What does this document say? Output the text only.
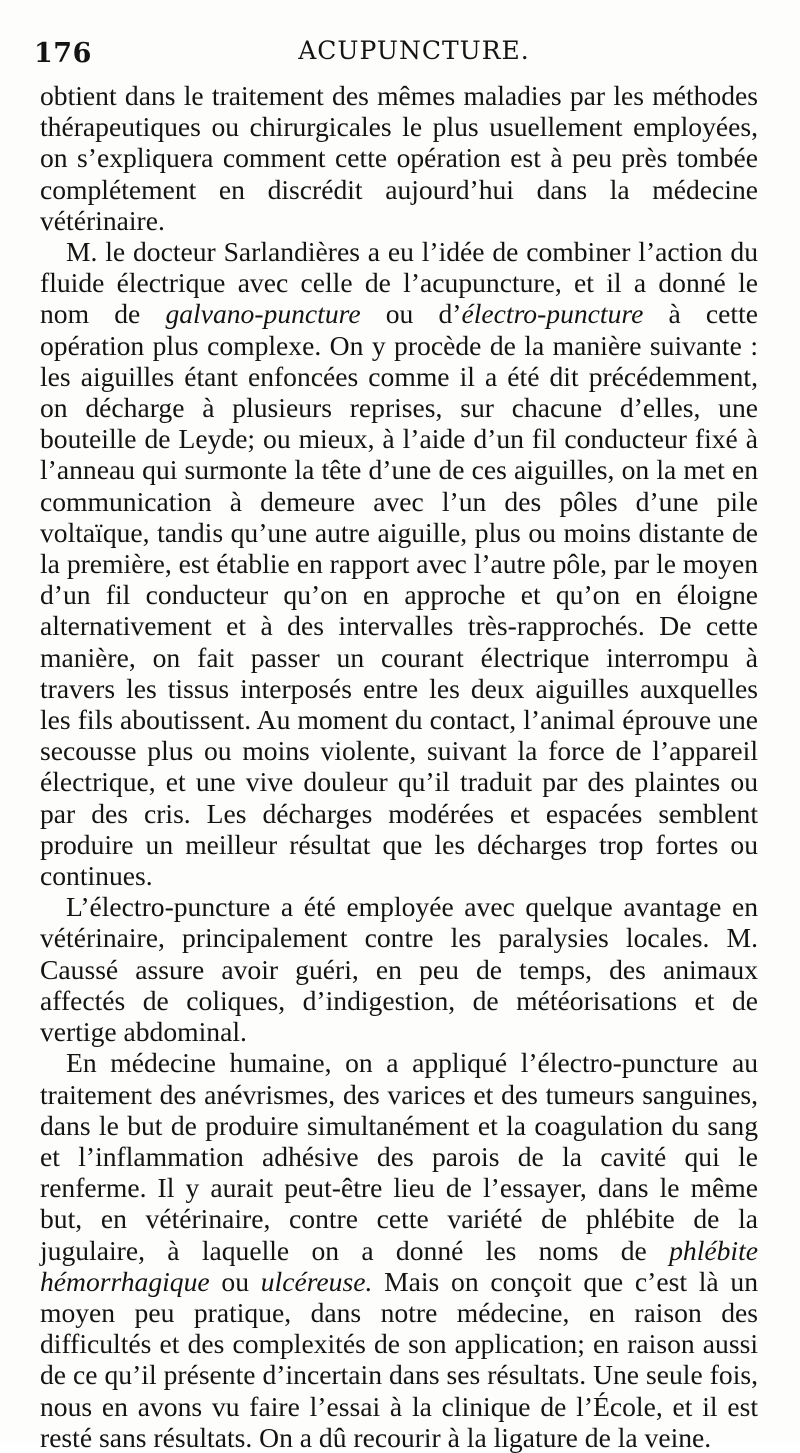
176	ACUPUNCTURE.

obtient dans le traitement des mêmes maladies par les méthodes thérapeutiques ou chirurgicales le plus usuellement employées, on s’expliquera comment cette opération est à peu près tombée complétement en discrédit aujourd’hui dans la médecine vétérinaire.

M. le docteur Sarlandières a eu l’idée de combiner l’action du fluide électrique avec celle de l’acupuncture, et il a donné le nom de galvano-puncture ou d’électro-puncture à cette opération plus complexe. On y procède de la manière suivante : les aiguilles étant enfoncées comme il a été dit précédemment, on décharge à plusieurs reprises, sur chacune d’elles, une bouteille de Leyde; ou mieux, à l’aide d’un fil conducteur fixé à l’anneau qui surmonte la tête d’une de ces aiguilles, on la met en communication à demeure avec l’un des pôles d’une pile voltaïque, tandis qu’une autre aiguille, plus ou moins distante de la première, est établie en rapport avec l’autre pôle, par le moyen d’un fil conducteur qu’on en approche et qu’on en éloigne alternativement et à des intervalles très-rapprochés. De cette manière, on fait passer un courant électrique interrompu à travers les tissus interposés entre les deux aiguilles auxquelles les fils aboutissent. Au moment du contact, l’animal éprouve une secousse plus ou moins violente, suivant la force de l’appareil électrique, et une vive douleur qu’il traduit par des plaintes ou par des cris. Les décharges modérées et espacées semblent produire un meilleur résultat que les décharges trop fortes ou continues.

L’électro-puncture a été employée avec quelque avantage en vétérinaire, principalement contre les paralysies locales. M. Caussé assure avoir guéri, en peu de temps, des animaux affectés de coliques, d’indigestion, de météorisations et de vertige abdominal.

En médecine humaine, on a appliqué l’électro-puncture au traitement des anévrismes, des varices et des tumeurs sanguines, dans le but de produire simultanément et la coagulation du sang et l’inflammation adhésive des parois de la cavité qui le renferme. Il y aurait peut-être lieu de l’essayer, dans le même but, en vétérinaire, contre cette variété de phlébite de la jugulaire, à laquelle on a donné les noms de phlébite hémorrhagique ou ulcéreuse. Mais on conçoit que c’est là un moyen peu pratique, dans notre médecine, en raison des difficultés et des complexités de son application; en raison aussi de ce qu’il présente d’incertain dans ses résultats. Une seule fois, nous en avons vu faire l’essai à la clinique de l’École, et il est resté sans résultats. On a dû recourir à la ligature de la veine.
